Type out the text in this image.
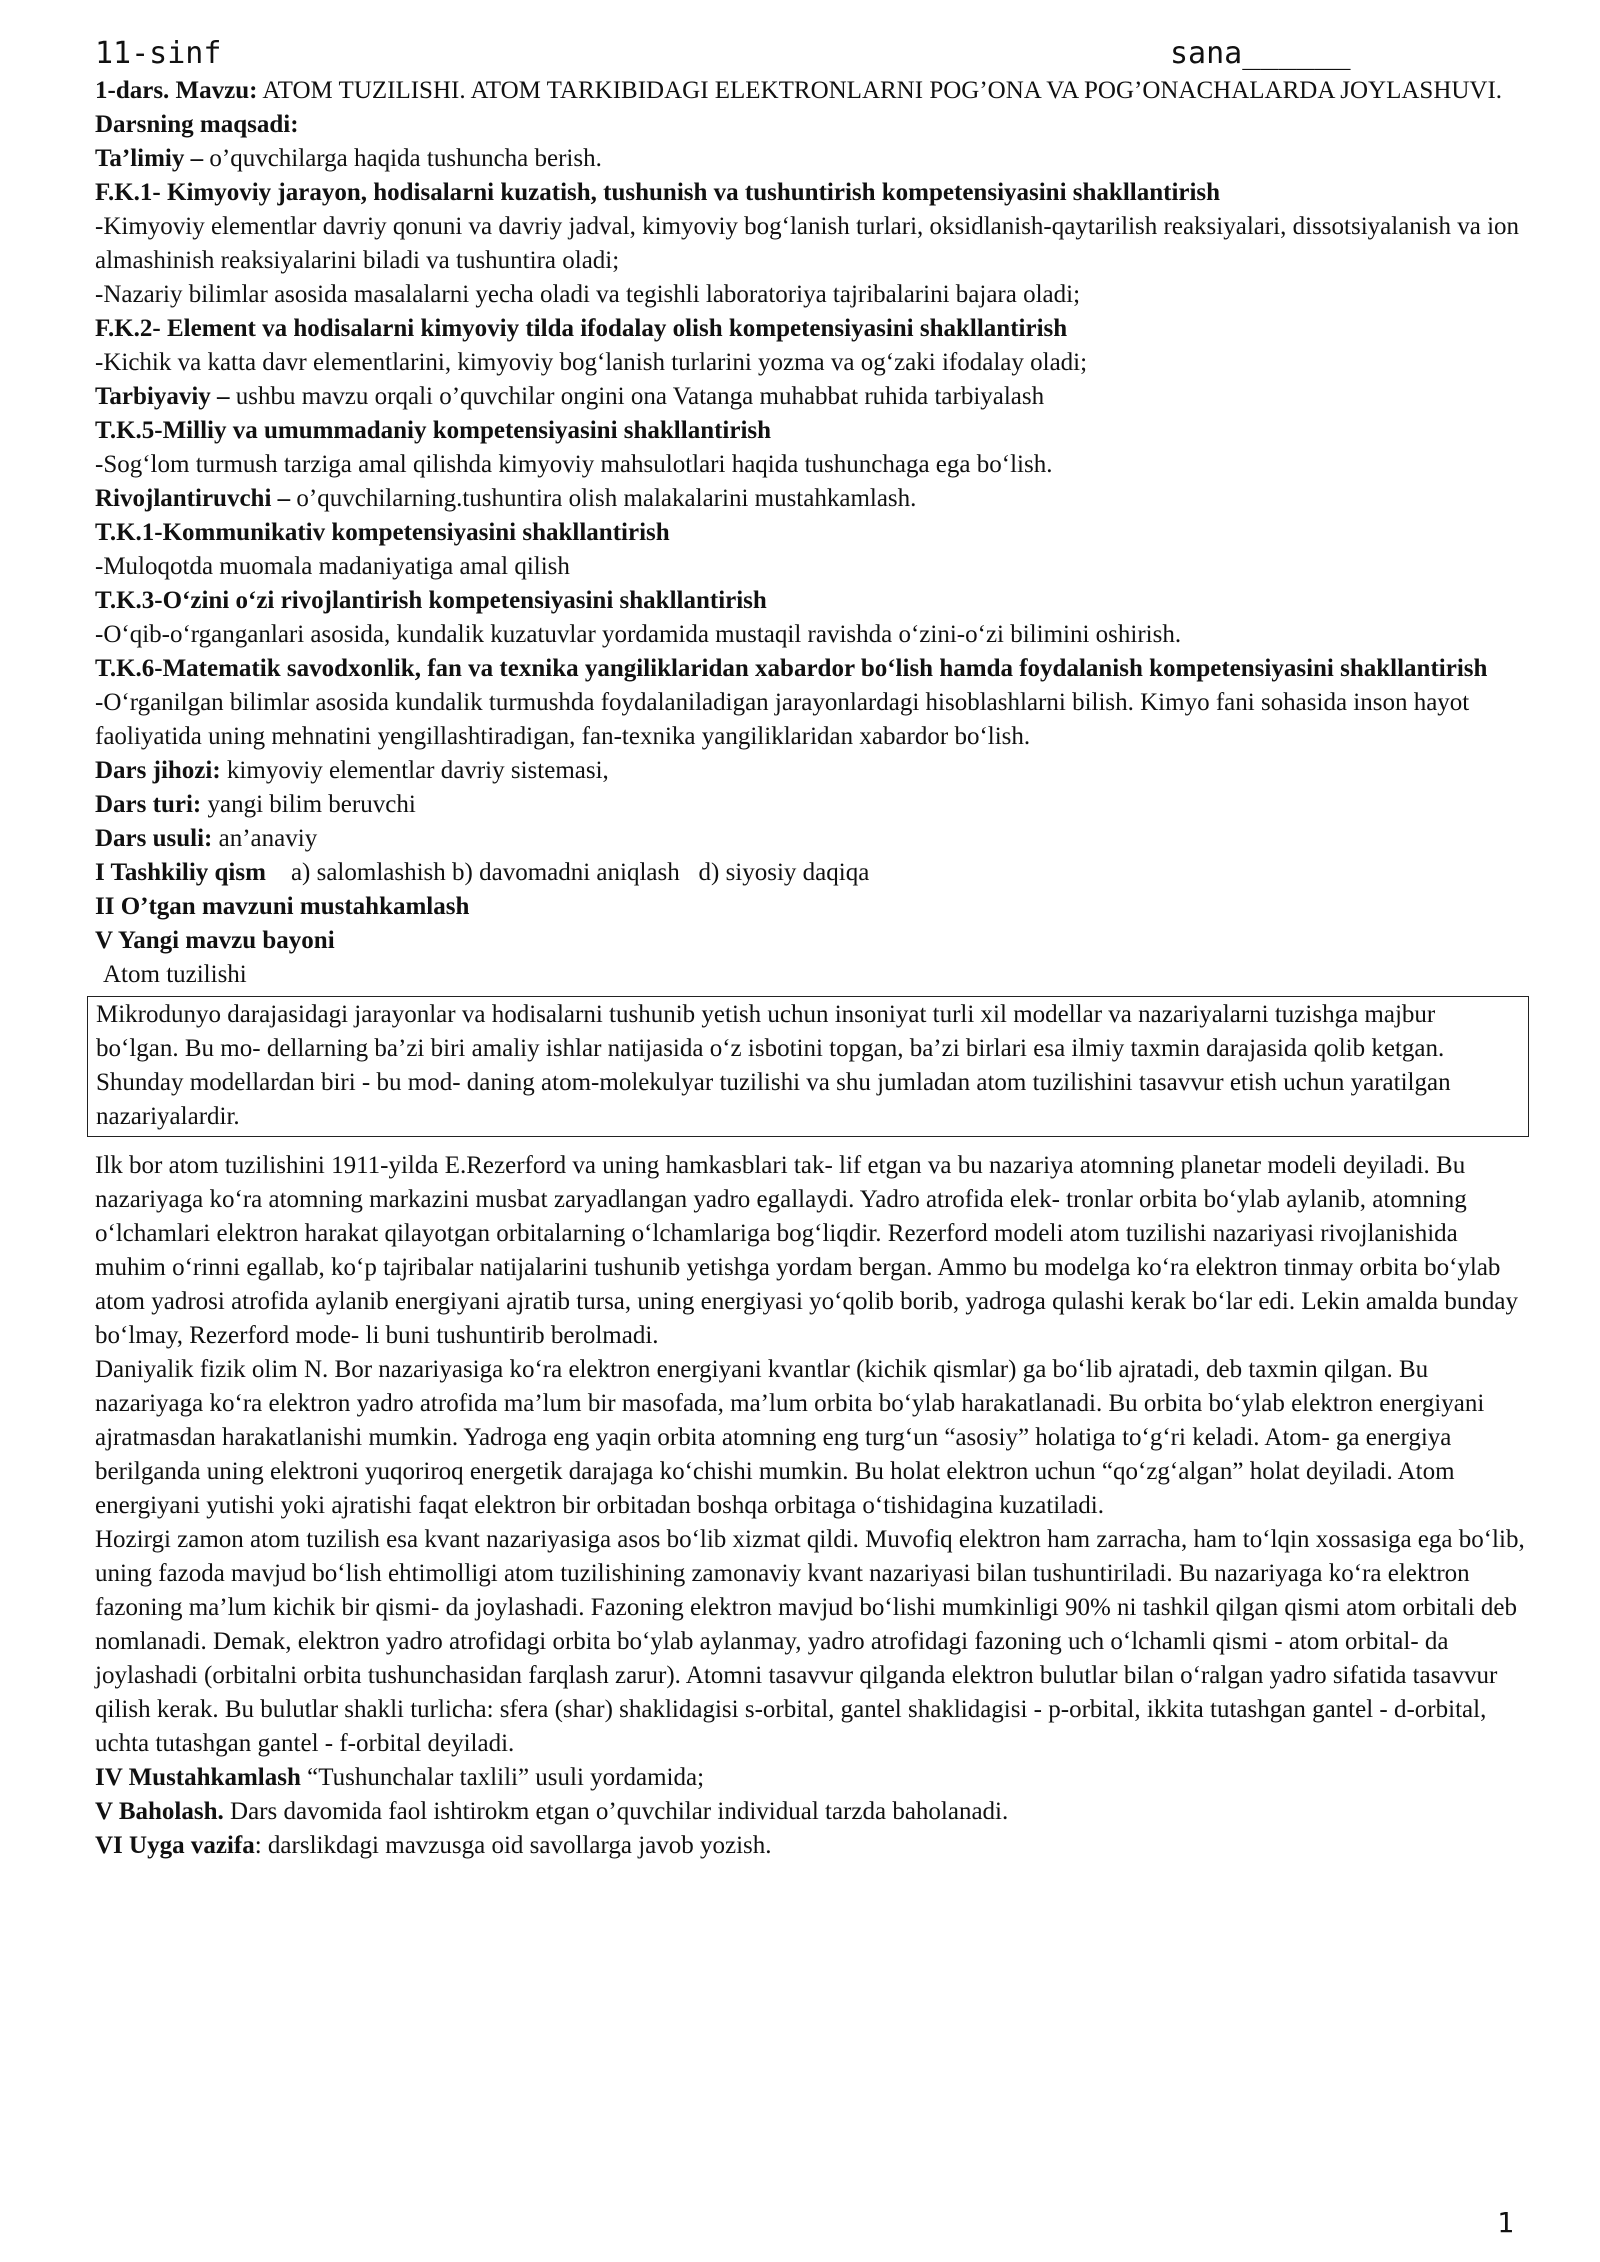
11-sinf	sana______

1-dars. Mavzu: ATOM TUZILISHI. ATOM TARKIBIDAGI ELEKTRONLARNI POG’ONA VA POG’ONACHALARDA JOYLASHUVI.

Darsning maqsadi:

Ta’limiy – o’quvchilarga haqida tushuncha berish.

F.K.1- Kimyoviy jarayon, hodisalarni kuzatish, tushunish va tushuntirish kompetensiyasini shakllantirish

-Kimyoviy elementlar davriy qonuni va davriy jadval, kimyoviy bog‘lanish turlari, oksidlanish-qaytarilish reaksiyalari, dissotsiyalanish va ion almashinish reaksiyalarini biladi va tushuntira oladi;

-Nazariy bilimlar asosida masalalarni yecha oladi va tegishli laboratoriya tajribalarini bajara oladi;

F.K.2- Element va hodisalarni kimyoviy tilda ifodalay olish kompetensiyasini shakllantirish

-Kichik va katta davr elementlarini, kimyoviy bog‘lanish turlarini yozma va og‘zaki ifodalay oladi;

Tarbiyaviy – ushbu mavzu orqali o’quvchilar ongini ona Vatanga muhabbat ruhida tarbiyalash

T.K.5-Milliy va umummadaniy kompetensiyasini shakllantirish

-Sog‘lom turmush tarziga amal qilishda kimyoviy mahsulotlari haqida tushunchaga ega bo‘lish.

Rivojlantiruvchi – o’quvchilarning.tushuntira olish malakalarini mustahkamlash.

T.K.1-Kommunikativ kompetensiyasini shakllantirish

-Muloqotda muomala madaniyatiga amal qilish

T.K.3-O‘zini o‘zi rivojlantirish kompetensiyasini shakllantirish

-O‘qib-o‘rganganlari asosida, kundalik kuzatuvlar yordamida mustaqil ravishda o‘zini-o‘zi bilimini oshirish.

T.K.6-Matematik savodxonlik, fan va texnika yangiliklaridan xabardor bo‘lish hamda foydalanish kompetensiyasini shakllantirish

-O‘rganilgan bilimlar asosida kundalik turmushda foydalaniladigan jarayonlardagi hisoblashlarni bilish. Kimyo fani sohasida inson hayot faoliyatida uning mehnatini yengillashtiradigan, fan-texnika yangiliklaridan xabardor bo‘lish.

Dars jihozi: kimyoviy elementlar davriy sistemasi,

Dars turi: yangi bilim beruvchi

Dars usuli: an’anaviy

I Tashkiliy qism    a) salomlashish b) davomadni aniqlash   d) siyosiy daqiqa

II O’tgan mavzuni mustahkamlash

V Yangi mavzu bayoni

Atom tuzilishi

Mikrodunyo darajasidagi jarayonlar va hodisalarni tushunib yetish uchun insoniyat turli xil modellar va nazariyalarni tuzishga majbur bo‘lgan. Bu mo- dellarning ba’zi biri amaliy ishlar natijasida o‘z isbotini topgan, ba’zi birlari esa ilmiy taxmin darajasida qolib ketgan. Shunday modellardan biri - bu mod- daning atom-molekulyar tuzilishi va shu jumladan atom tuzilishini tasavvur etish uchun yaratilgan nazariyalardir.

Ilk bor atom tuzilishini 1911-yilda E.Rezerford va uning hamkasblari tak- lif etgan va bu nazariya atomning planetar modeli deyiladi. Bu nazariyaga ko‘ra atomning markazini musbat zaryadlangan yadro egallaydi. Yadro atrofida elek- tronlar orbita bo‘ylab aylanib, atomning o‘lchamlari elektron harakat qilayotgan orbitalarning o‘lchamlariga bog‘liqdir. Rezerford modeli atom tuzilishi nazariyasi rivojlanishida muhim o‘rinni egallab, ko‘p tajribalar natijalarini tushunib yetishga yordam bergan. Ammo bu modelga ko‘ra elektron tinmay orbita bo‘ylab atom yadrosi atrofida aylanib energiyani ajratib tursa, uning energiyasi yo‘qolib borib, yadroga qulashi kerak bo‘lar edi. Lekin amalda bunday bo‘lmay, Rezerford mode- li buni tushuntirib berolmadi.

Daniyalik fizik olim N. Bor nazariyasiga ko‘ra elektron energiyani kvantlar (kichik qismlar) ga bo‘lib ajratadi, deb taxmin qilgan. Bu nazariyaga ko‘ra elektron yadro atrofida ma’lum bir masofada, ma’lum orbita bo‘ylab harakatlanadi. Bu orbita bo‘ylab elektron energiyani ajratmasdan harakatlanishi mumkin. Yadroga eng yaqin orbita atomning eng turg‘un “asosiy” holatiga to‘g‘ri keladi. Atom- ga energiya berilganda uning elektroni yuqoriroq energetik darajaga ko‘chishi mumkin. Bu holat elektron uchun “qo‘zg‘algan” holat deyiladi. Atom energiyani yutishi yoki ajratishi faqat elektron bir orbitadan boshqa orbitaga o‘tishidagina kuzatiladi.

Hozirgi zamon atom tuzilish esa kvant nazariyasiga asos bo‘lib xizmat qildi. Muvofiq elektron ham zarracha, ham to‘lqin xossasiga ega bo‘lib, uning fazoda mavjud bo‘lish ehtimolligi atom tuzilishining zamonaviy kvant nazariyasi bilan tushuntiriladi. Bu nazariyaga ko‘ra elektron fazoning ma’lum kichik bir qismi- da joylashadi. Fazoning elektron mavjud bo‘lishi mumkinligi 90% ni tashkil qilgan qismi atom orbitali deb nomlanadi. Demak, elektron yadro atrofidagi orbita bo‘ylab aylanmay, yadro atrofidagi fazoning uch o‘lchamli qismi - atom orbital- da joylashadi (orbitalni orbita tushunchasidan farqlash zarur). Atomni tasavvur qilganda elektron bulutlar bilan o‘ralgan yadro sifatida tasavvur qilish kerak. Bu bulutlar shakli turlicha: sfera (shar) shaklidagisi s-orbital, gantel shaklidagisi - p-orbital, ikkita tutashgan gantel - d-orbital, uchta tutashgan gantel - f-orbital deyiladi.

IV Mustahkamlash “Tushunchalar taxlili” usuli yordamida;

V Baholash. Dars davomida faol ishtirokm etgan o’quvchilar individual tarzda baholanadi.

VI Uyga vazifa: darslikdagi mavzusga oid savollarga javob yozish.

1
